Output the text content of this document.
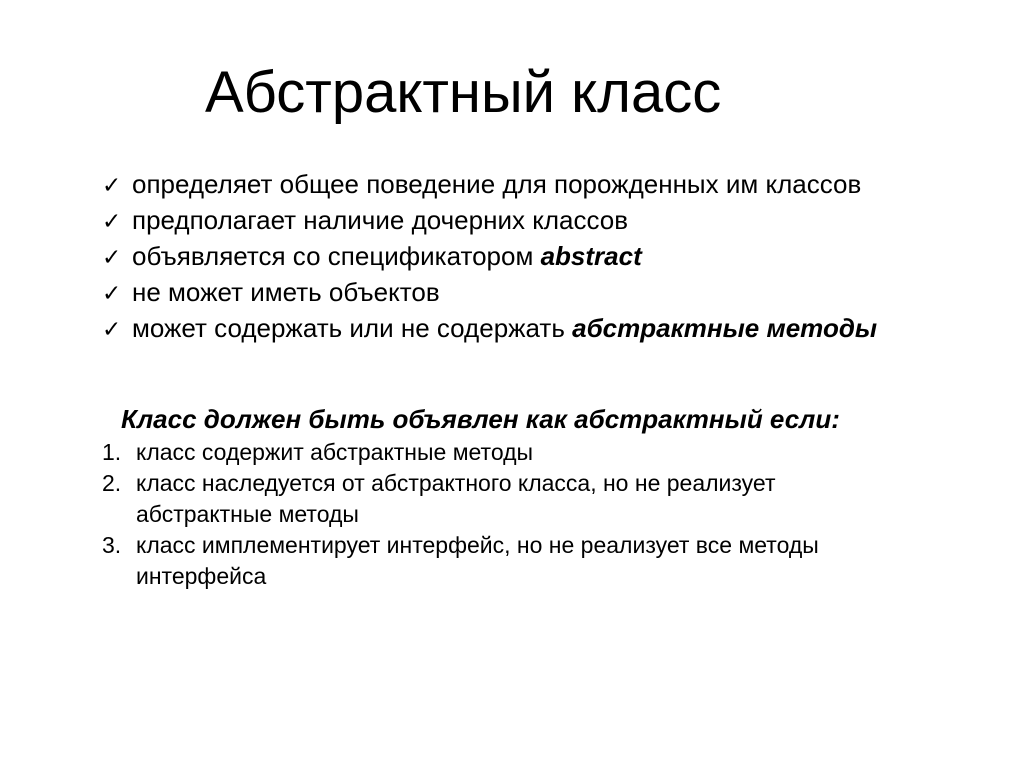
Абстрактный класс
✓ определяет общее поведение для порожденных им классов
✓ предполагает наличие дочерних классов
✓ объявляется со спецификатором abstract
✓ не может иметь объектов
✓ может содержать или не содержать абстрактные методы
Класс должен быть объявлен как абстрактный если:
1. класс содержит абстрактные методы
2. класс наследуется от абстрактного класса, но не реализует абстрактные методы
3. класс имплементирует интерфейс, но не реализует все методы интерфейса
